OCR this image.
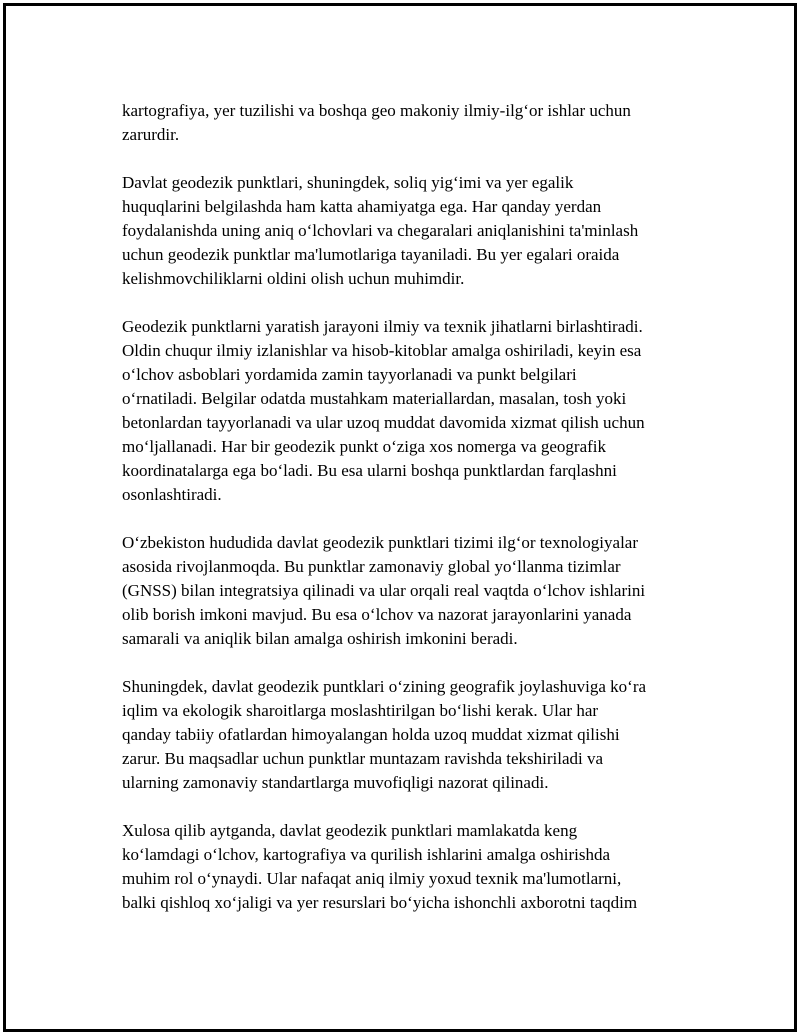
kartografiya, yer tuzilishi va boshqa geo makoniy ilmiy-ilg‘or ishlar uchun
zarurdir.

Davlat geodezik punktlari, shuningdek, soliq yig‘imi va yer egalik
huquqlarini belgilashda ham katta ahamiyatga ega. Har qanday yerdan
foydalanishda uning aniq o‘lchovlari va chegaralari aniqlanishini ta'minlash
uchun geodezik punktlar ma'lumotlariga tayaniladi. Bu yer egalari oraida
kelishmovchiliklarni oldini olish uchun muhimdir.

Geodezik punktlarni yaratish jarayoni ilmiy va texnik jihatlarni birlashtiradi.
Oldin chuqur ilmiy izlanishlar va hisob-kitoblar amalga oshiriladi, keyin esa
o‘lchov asboblari yordamida zamin tayyorlanadi va punkt belgilari
o‘rnatiladi. Belgilar odatda mustahkam materiallardan, masalan, tosh yoki
betonlardan tayyorlanadi va ular uzoq muddat davomida xizmat qilish uchun
mo‘ljallanadi. Har bir geodezik punkt o‘ziga xos nomerga va geografik
koordinatalarga ega bo‘ladi. Bu esa ularni boshqa punktlardan farqlashni
osonlashtiradi.

O‘zbekiston hududida davlat geodezik punktlari tizimi ilg‘or texnologiyalar
asosida rivojlanmoqda. Bu punktlar zamonaviy global yo‘llanma tizimlar
(GNSS) bilan integratsiya qilinadi va ular orqali real vaqtda o‘lchov ishlarini
olib borish imkoni mavjud. Bu esa o‘lchov va nazorat jarayonlarini yanada
samarali va aniqlik bilan amalga oshirish imkonini beradi.

Shuningdek, davlat geodezik puntklari o‘zining geografik joylashuviga ko‘ra
iqlim va ekologik sharoitlarga moslashtirilgan bo‘lishi kerak. Ular har
qanday tabiiy ofatlardan himoyalangan holda uzoq muddat xizmat qilishi
zarur. Bu maqsadlar uchun punktlar muntazam ravishda tekshiriladi va
ularning zamonaviy standartlarga muvofiqligi nazorat qilinadi.

Xulosa qilib aytganda, davlat geodezik punktlari mamlakatda keng
ko‘lamdagi o‘lchov, kartografiya va qurilish ishlarini amalga oshirishda
muhim rol o‘ynaydi. Ular nafaqat aniq ilmiy yoxud texnik ma'lumotlarni,
balki qishloq xo‘jaligi va yer resurslari bo‘yicha ishonchli axborotni taqdim
